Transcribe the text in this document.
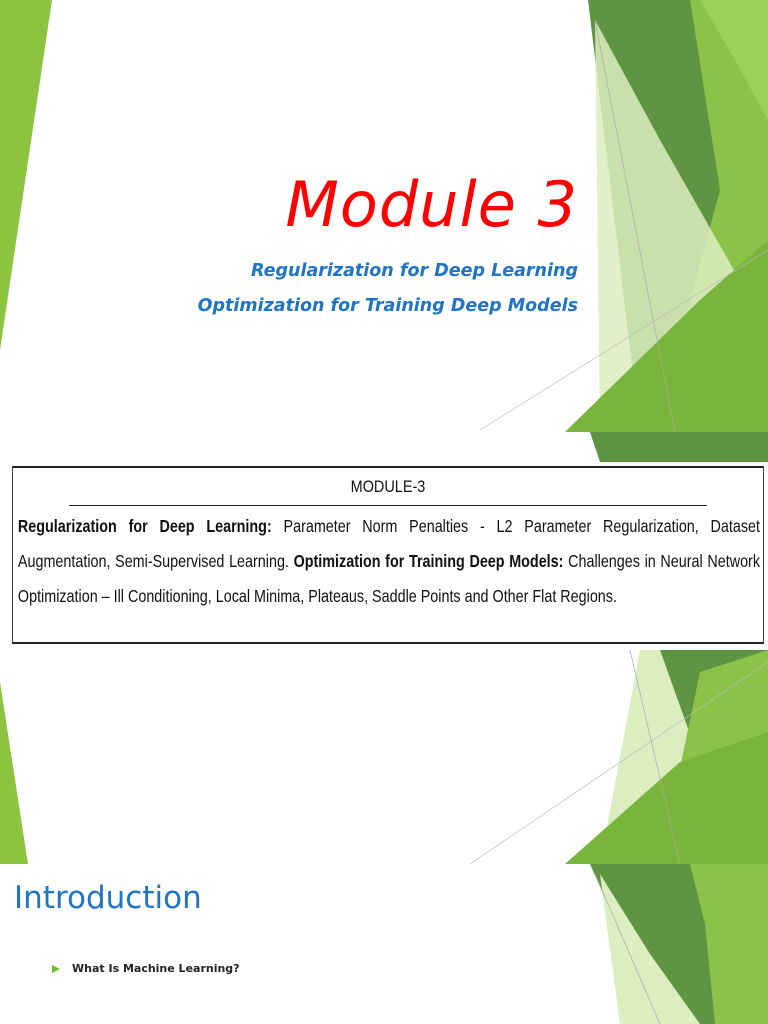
Module 3
Regularization for Deep Learning
Optimization for Training Deep Models
MODULE-3
Regularization for Deep Learning: Parameter Norm Penalties - L2 Parameter Regularization, Dataset Augmentation, Semi-Supervised Learning. Optimization for Training Deep Models: Challenges in Neural Network Optimization – Ill Conditioning, Local Minima, Plateaus, Saddle Points and Other Flat Regions.
Introduction
What Is Machine Learning?
